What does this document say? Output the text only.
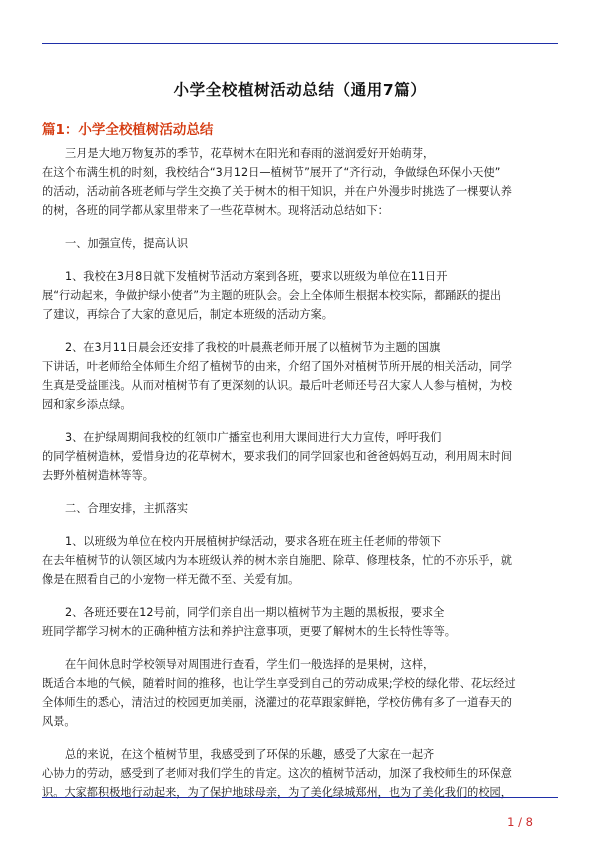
小学全校植树活动总结（通用7篇）
篇1：小学全校植树活动总结
三月是大地万物复苏的季节，花草树木在阳光和春雨的滋润爱好开始萌芽，
在这个布满生机的时刻，我校结合“3月12日—植树节”展开了“齐行动，争做绿色环保小天使”
的活动，活动前各班老师与学生交换了关于树木的相干知识，并在户外漫步时挑选了一棵要认养
的树，各班的同学都从家里带来了一些花草树木。现将活动总结如下：
一、加强宣传，提高认识
1、我校在3月8日就下发植树节活动方案到各班，要求以班级为单位在11日开
展“行动起来，争做护绿小使者”为主题的班队会。会上全体师生根据本校实际，都踊跃的提出
了建议，再综合了大家的意见后，制定本班级的活动方案。
2、在3月11日晨会还安排了我校的叶晨燕老师开展了以植树节为主题的国旗
下讲话，叶老师给全体师生介绍了植树节的由来，介绍了国外对植树节所开展的相关活动，同学
生真是受益匪浅。从而对植树节有了更深刻的认识。最后叶老师还号召大家人人参与植树，为校
园和家乡添点绿。
3、在护绿周期间我校的红领巾广播室也利用大课间进行大力宣传，呼吁我们
的同学植树造林，爱惜身边的花草树木，要求我们的同学回家也和爸爸妈妈互动，利用周末时间
去野外植树造林等等。
二、合理安排，主抓落实
1、以班级为单位在校内开展植树护绿活动，要求各班在班主任老师的带领下
在去年植树节的认领区域内为本班级认养的树木亲自施肥、除草、修理枝条，忙的不亦乐乎，就
像是在照看自己的小宠物一样无微不至、关爱有加。
2、各班还要在12号前，同学们亲自出一期以植树节为主题的黑板报，要求全
班同学都学习树木的正确种植方法和养护注意事项，更要了解树木的生长特性等等。
在午间休息时学校领导对周围进行查看，学生们一般选择的是果树，这样，
既适合本地的气候，随着时间的推移，也让学生享受到自己的劳动成果;学校的绿化带、花坛经过
全体师生的悉心，清洁过的校园更加美丽，浇灌过的花草跟家鲜艳，学校仿佛有多了一道春天的
风景。
总的来说，在这个植树节里，我感受到了环保的乐趣，感受了大家在一起齐
心协力的劳动，感受到了老师对我们学生的肯定。这次的植树节活动，加深了我校师生的环保意
识。大家都积极地行动起来，为了保护地球母亲，为了美化绿城郑州，也为了美化我们的校园，
1 / 8
